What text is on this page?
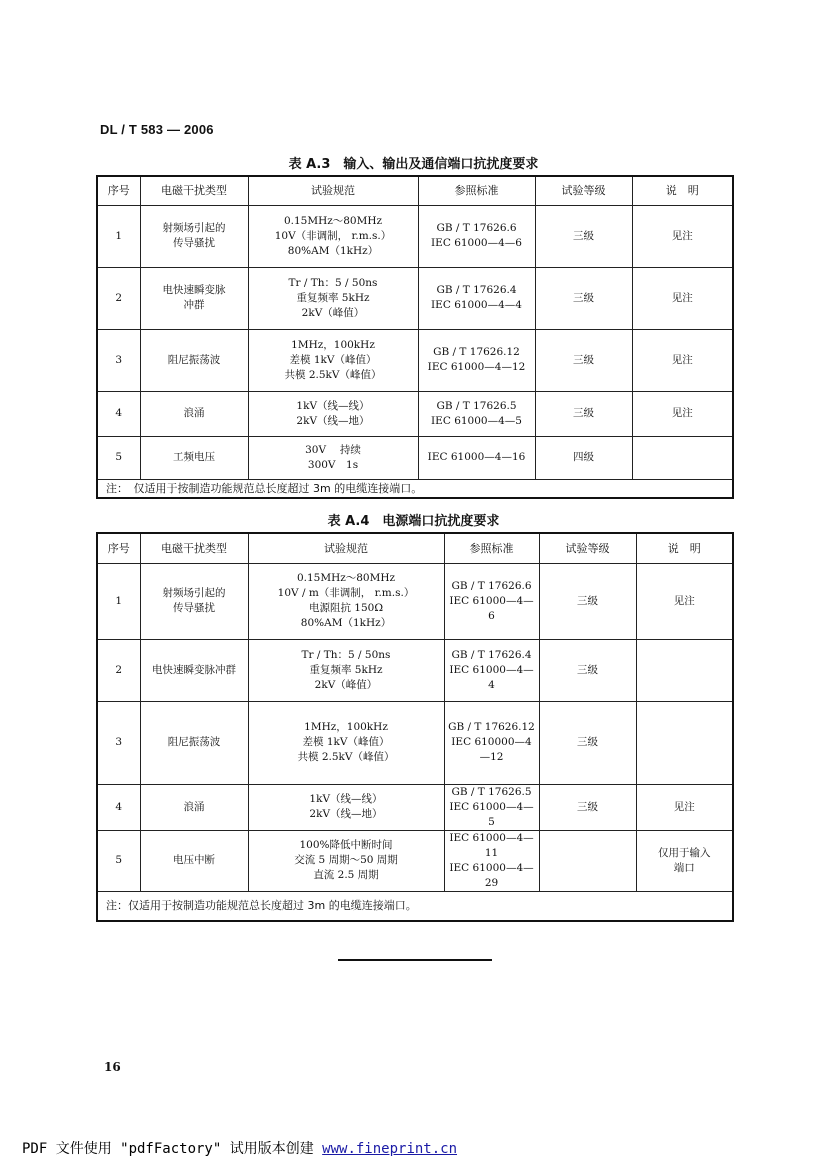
DL / T 583 — 2006
表 A.3　输入、输出及通信端口抗扰度要求
序号	电磁干扰类型	试验规范	参照标准	试验等级	说　明
1	射频场引起的
传导骚扰	0.15MHz～80MHz
10V（非调制， r.m.s.）
80%AM（1kHz）	GB / T 17626.6
IEC 61000—4—6	三级	见注
2	电快速瞬变脉
冲群	Tr / Th：5 / 50ns
重复频率 5kHz
2kV（峰值）	GB / T 17626.4
IEC 61000—4—4	三级	见注
3	阻尼振荡波	1MHz，100kHz
差模 1kV（峰值）
共模 2.5kV（峰值）	GB / T 17626.12
IEC 61000—4—12	三级	见注
4	浪涌	1kV（线—线）
2kV（线—地）	GB / T 17626.5
IEC 61000—4—5	三级	见注
5	工频电压	30V　 持续
300V　1s	IEC 61000—4—16	四级	
注：　仅适用于按制造功能规范总长度超过 3m 的电缆连接端口。					
表 A.4　电源端口抗扰度要求
序号	电磁干扰类型	试验规范	参照标准	试验等级	说　明
1	射频场引起的
传导骚扰	0.15MHz～80MHz
10V / m（非调制， r.m.s.）
电源阻抗 150Ω
80%AM（1kHz）	GB / T 17626.6
IEC 61000—4—6	三级	见注
2	电快速瞬变脉冲群	Tr / Th：5 / 50ns
重复频率 5kHz
2kV（峰值）	GB / T 17626.4
IEC 61000—4—4	三级	
3	阻尼振荡波	1MHz，100kHz
差模 1kV（峰值）
共模 2.5kV（峰值）	GB / T 17626.12
IEC 610000—4—12	三级	
4	浪涌	1kV（线—线）
2kV（线—地）	GB / T 17626.5
IEC 61000—4—5	三级	见注
5	电压中断	100%降低中断时间
交流 5 周期～50 周期
直流 2.5 周期	IEC 61000—4—11
IEC 61000—4—29		仅用于输入
端口
注：仅适用于按制造功能规范总长度超过 3m 的电缆连接端口。					
16
PDF 文件使用 "pdfFactory" 试用版本创建 www.fineprint.cn
